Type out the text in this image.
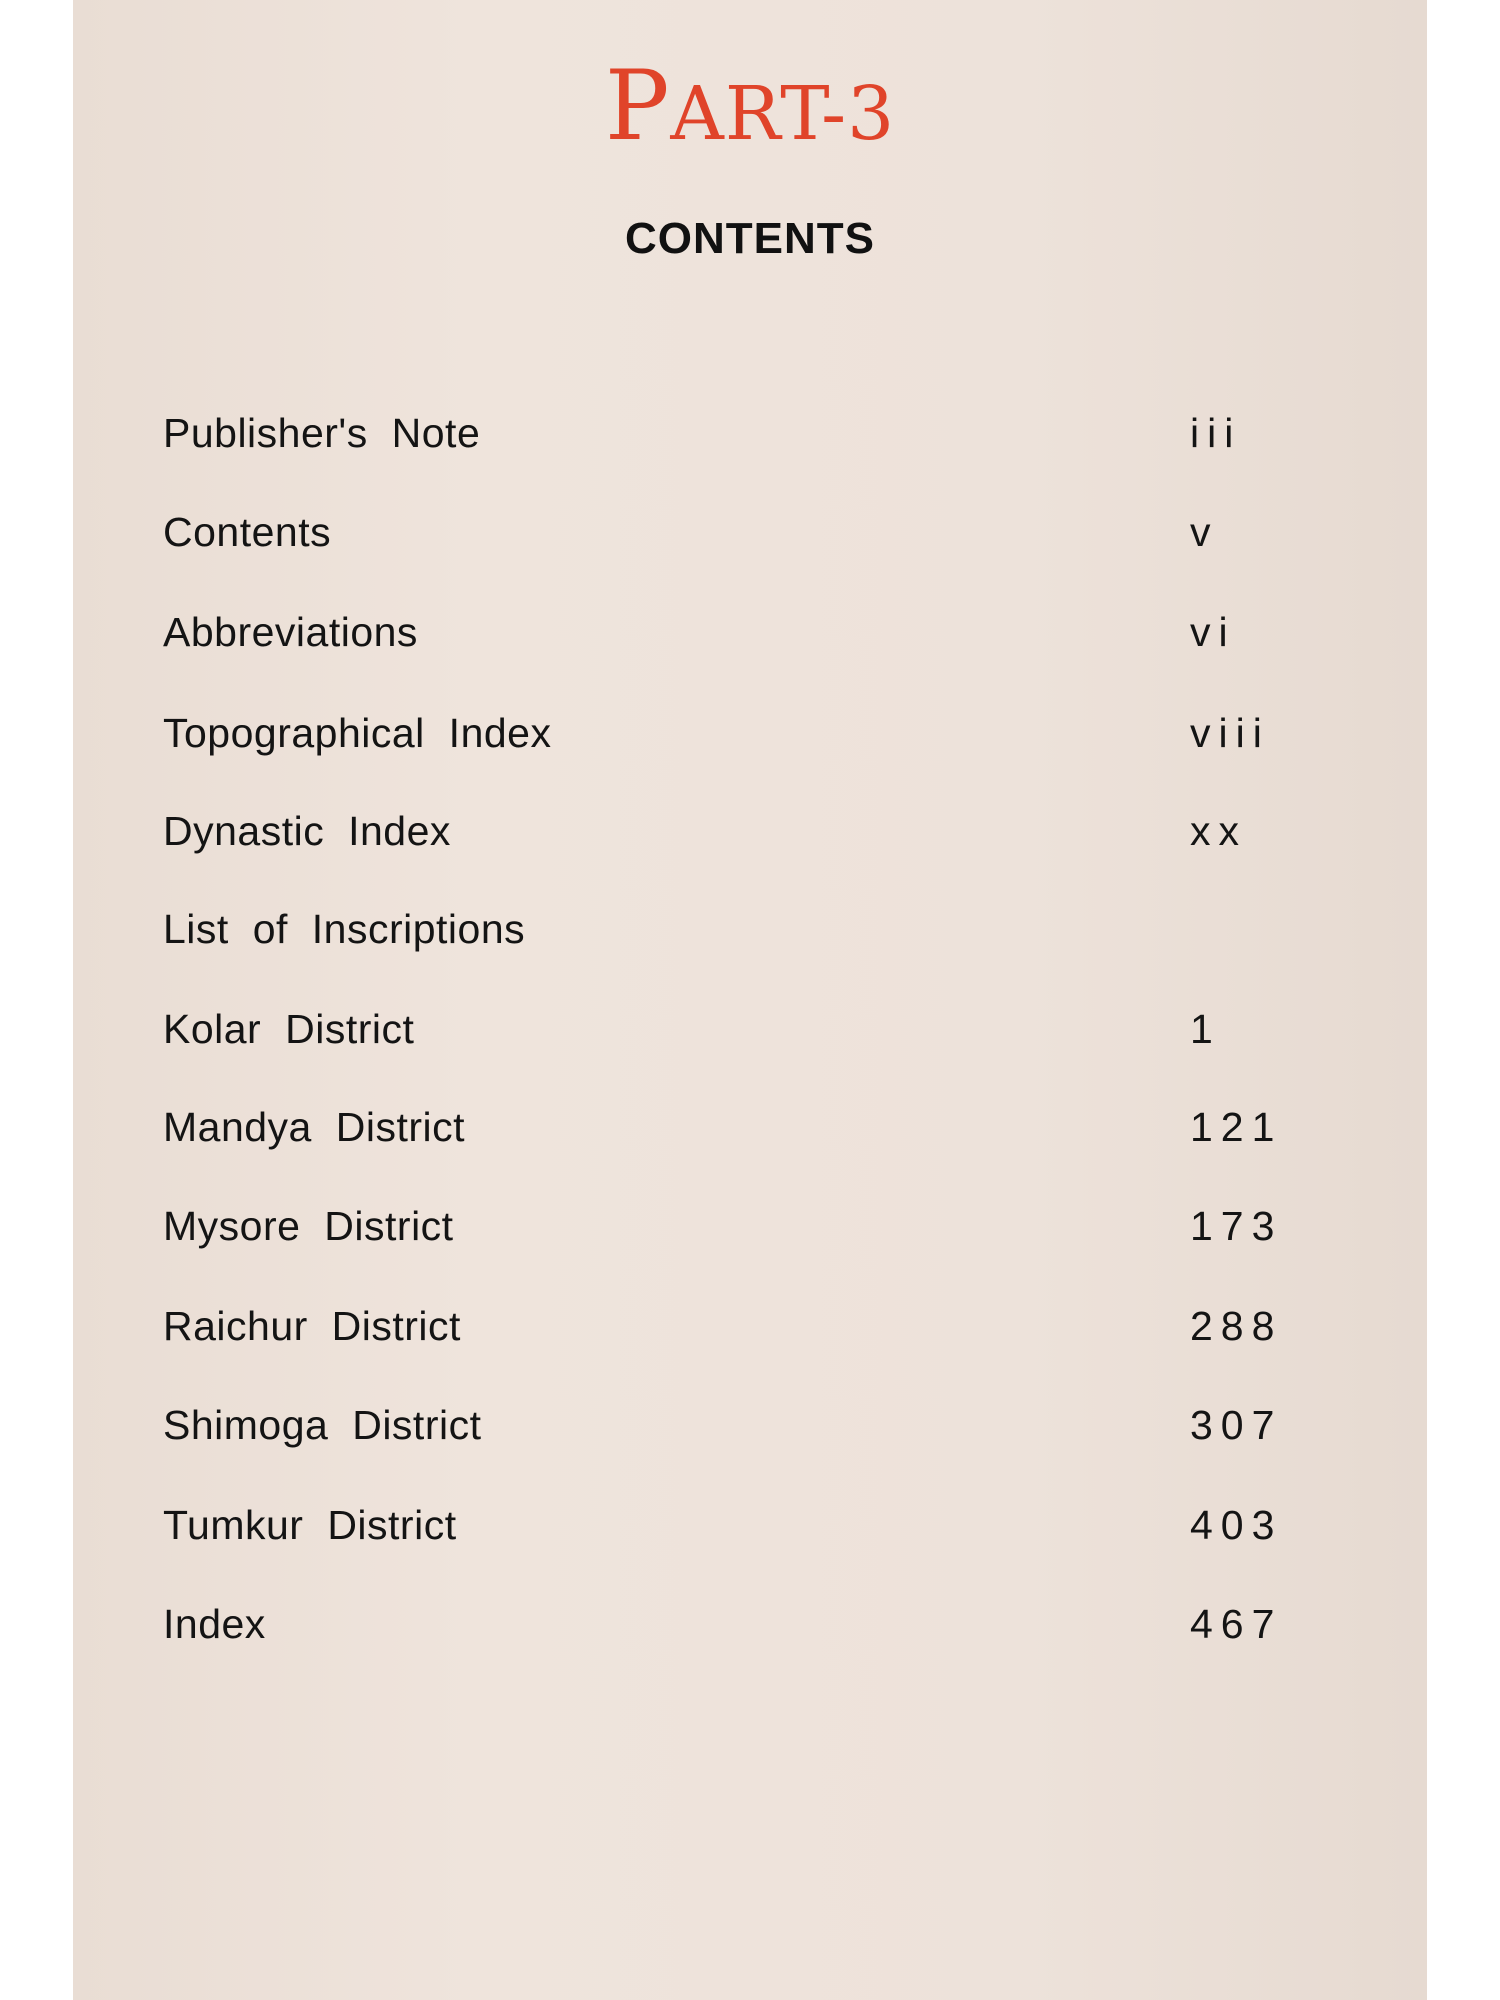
PART-3
CONTENTS
Publisher's Note	iii
Contents	v
Abbreviations	vi
Topographical Index	viii
Dynastic Index	xx
List of Inscriptions
Kolar District	1
Mandya District	121
Mysore District	173
Raichur District	288
Shimoga District	307
Tumkur District	403
Index	467
